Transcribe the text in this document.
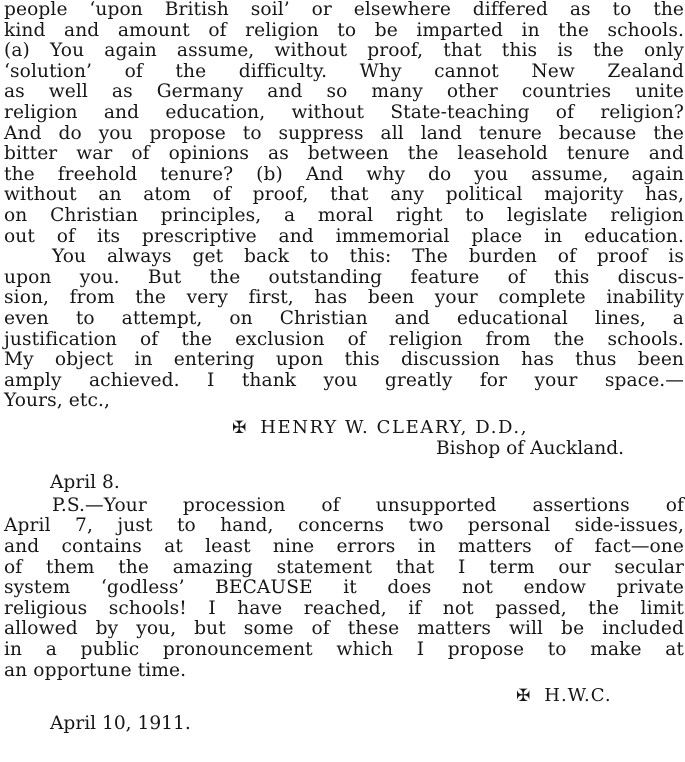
people ‘upon British soil’ or elsewhere differed as to the
kind and amount of religion to be imparted in the schools.
(a) You again assume, without proof, that this is the only
‘solution’ of the difficulty. Why cannot New Zealand
as well as Germany and so many other countries unite
religion and education, without State-teaching of religion?
And do you propose to suppress all land tenure because the
bitter war of opinions as between the leasehold tenure and
the freehold tenure? (b) And why do you assume, again
without an atom of proof, that any political majority has,
on Christian principles, a moral right to legislate religion
out of its prescriptive and immemorial place in education.
You always get back to this: The burden of proof is
upon you. But the outstanding feature of this discus-
sion, from the very first, has been your complete inability
even to attempt, on Christian and educational lines, a
justification of the exclusion of religion from the schools.
My object in entering upon this discussion has thus been
amply achieved. I thank you greatly for your space.—
Yours, etc.,
✠ HENRY W. CLEARY, D.D.,
Bishop of Auckland.
April 8.
P.S.—Your procession of unsupported assertions of
April 7, just to hand, concerns two personal side-issues,
and contains at least nine errors in matters of fact—one
of them the amazing statement that I term our secular
system ‘godless’ BECAUSE it does not endow private
religious schools! I have reached, if not passed, the limit
allowed by you, but some of these matters will be included
in a public pronouncement which I propose to make at
an opportune time.
✠ H.W.C.
April 10, 1911.
